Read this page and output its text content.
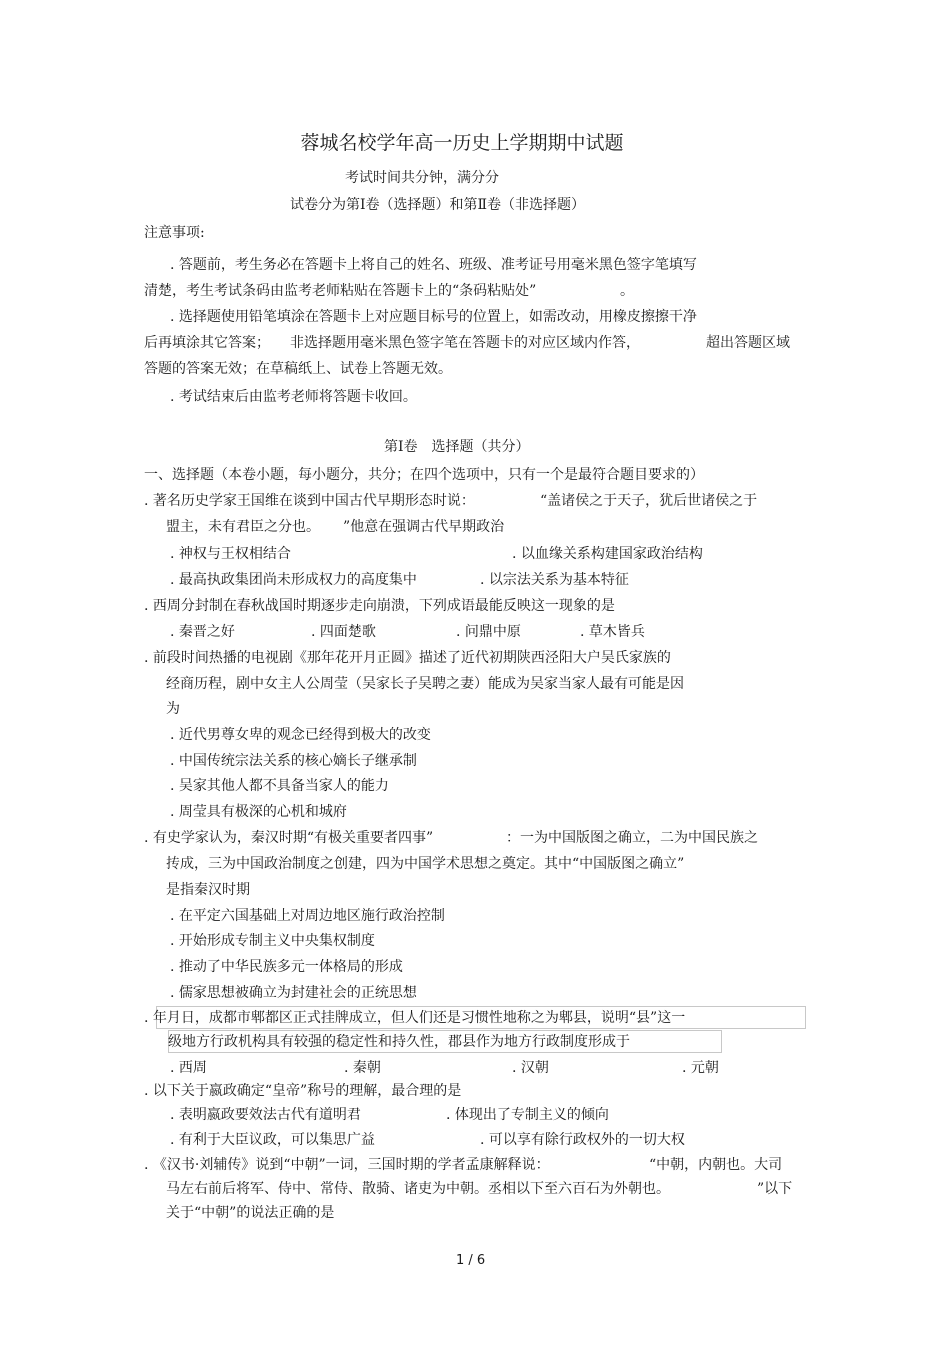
蓉城名校学年高一历史上学期期中试题
考试时间共分钟，满分分
试卷分为第Ⅰ卷（选择题）和第Ⅱ卷（非选择题）
注意事项:
. 答题前，考生务必在答题卡上将自己的姓名、班级、准考证号用毫米黑色签字笔填写
清楚，考生考试条码由监考老师粘贴在答题卡上的“条码粘贴处”	。
. 选择题使用铅笔填涂在答题卡上对应题目标号的位置上，如需改动，用橡皮擦擦干净
后再填涂其它答案； 非选择题用毫米黑色签字笔在答题卡的对应区域内作答，	超出答题区域
答题的答案无效；在草稿纸上、试卷上答题无效。
. 考试结束后由监考老师将答题卡收回。
第Ⅰ卷　选择题（共分）
一、选择题（本卷小题，每小题分，共分；在四个选项中，只有一个是最符合题目要求的）
. 著名历史学家王国维在谈到中国古代早期形态时说：	“盖诸侯之于天子，犹后世诸侯之于
盟主，未有君臣之分也。 ”他意在强调古代早期政治
. 神权与王权相结合	. 以血缘关系构建国家政治结构
. 最高执政集团尚未形成权力的高度集中	. 以宗法关系为基本特征
. 西周分封制在春秋战国时期逐步走向崩溃，下列成语最能反映这一现象的是
. 秦晋之好	. 四面楚歌	. 问鼎中原	. 草木皆兵
. 前段时间热播的电视剧《那年花开月正圆》描述了近代初期陕西泾阳大户吴氏家族的
经商历程，剧中女主人公周莹（吴家长子吴聘之妻）能成为吴家当家人最有可能是因
为
. 近代男尊女卑的观念已经得到极大的改变
. 中国传统宗法关系的核心嫡长子继承制
. 吴家其他人都不具备当家人的能力
. 周莹具有极深的心机和城府
. 有史学家认为，秦汉时期“有极关重要者四事”	：一为中国版图之确立，二为中国民族之
抟成，三为中国政治制度之创建，四为中国学术思想之奠定。其中“中国版图之确立”
是指秦汉时期
. 在平定六国基础上对周边地区施行政治控制
. 开始形成专制主义中央集权制度
. 推动了中华民族多元一体格局的形成
. 儒家思想被确立为封建社会的正统思想
. 年月日，成都市郫都区正式挂牌成立，但人们还是习惯性地称之为郫县，说明“县”这一
级地方行政机构具有较强的稳定性和持久性，郡县作为地方行政制度形成于
. 西周	. 秦朝	. 汉朝	. 元朝
. 以下关于嬴政确定“皇帝”称号的理解，最合理的是
. 表明嬴政要效法古代有道明君	. 体现出了专制主义的倾向
. 有利于大臣议政，可以集思广益	. 可以享有除行政权外的一切大权
. 《汉书·刘辅传》说到“中朝”一词，三国时期的学者孟康解释说：	“中朝，内朝也。大司
马左右前后将军、侍中、常侍、散骑、诸吏为中朝。丞相以下至六百石为外朝也。	”以下
关于“中朝”的说法正确的是
1 / 6
